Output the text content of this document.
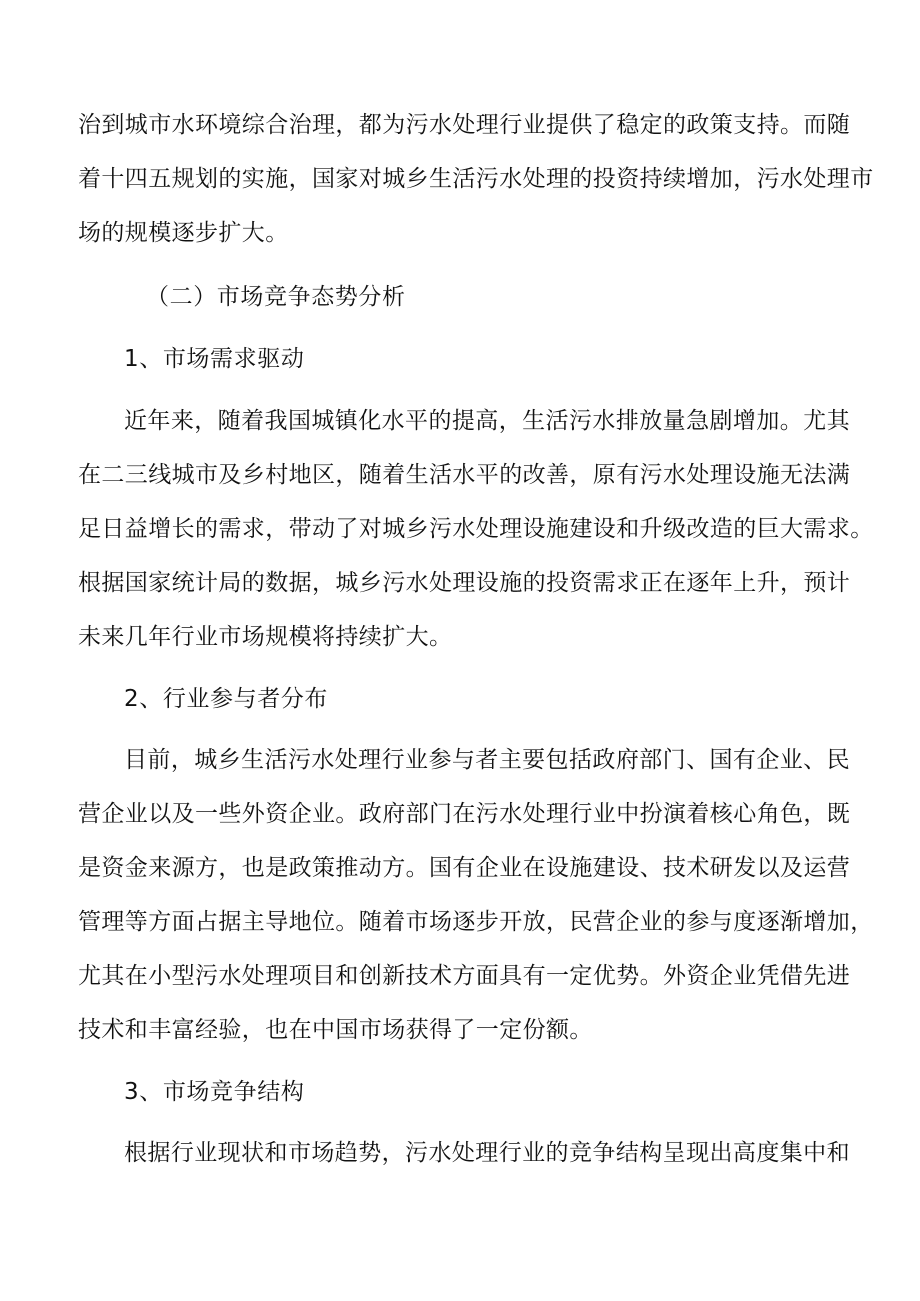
治到城市水环境综合治理，都为污水处理行业提供了稳定的政策支持。而随
着十四五规划的实施，国家对城乡生活污水处理的投资持续增加，污水处理市
场的规模逐步扩大。
（二）市场竞争态势分析
1、市场需求驱动
近年来，随着我国城镇化水平的提高，生活污水排放量急剧增加。尤其
在二三线城市及乡村地区，随着生活水平的改善，原有污水处理设施无法满
足日益增长的需求，带动了对城乡污水处理设施建设和升级改造的巨大需求。
根据国家统计局的数据，城乡污水处理设施的投资需求正在逐年上升，预计
未来几年行业市场规模将持续扩大。
2、行业参与者分布
目前，城乡生活污水处理行业参与者主要包括政府部门、国有企业、民
营企业以及一些外资企业。政府部门在污水处理行业中扮演着核心角色，既
是资金来源方，也是政策推动方。国有企业在设施建设、技术研发以及运营
管理等方面占据主导地位。随着市场逐步开放，民营企业的参与度逐渐增加，
尤其在小型污水处理项目和创新技术方面具有一定优势。外资企业凭借先进
技术和丰富经验，也在中国市场获得了一定份额。
3、市场竞争结构
根据行业现状和市场趋势，污水处理行业的竞争结构呈现出高度集中和
